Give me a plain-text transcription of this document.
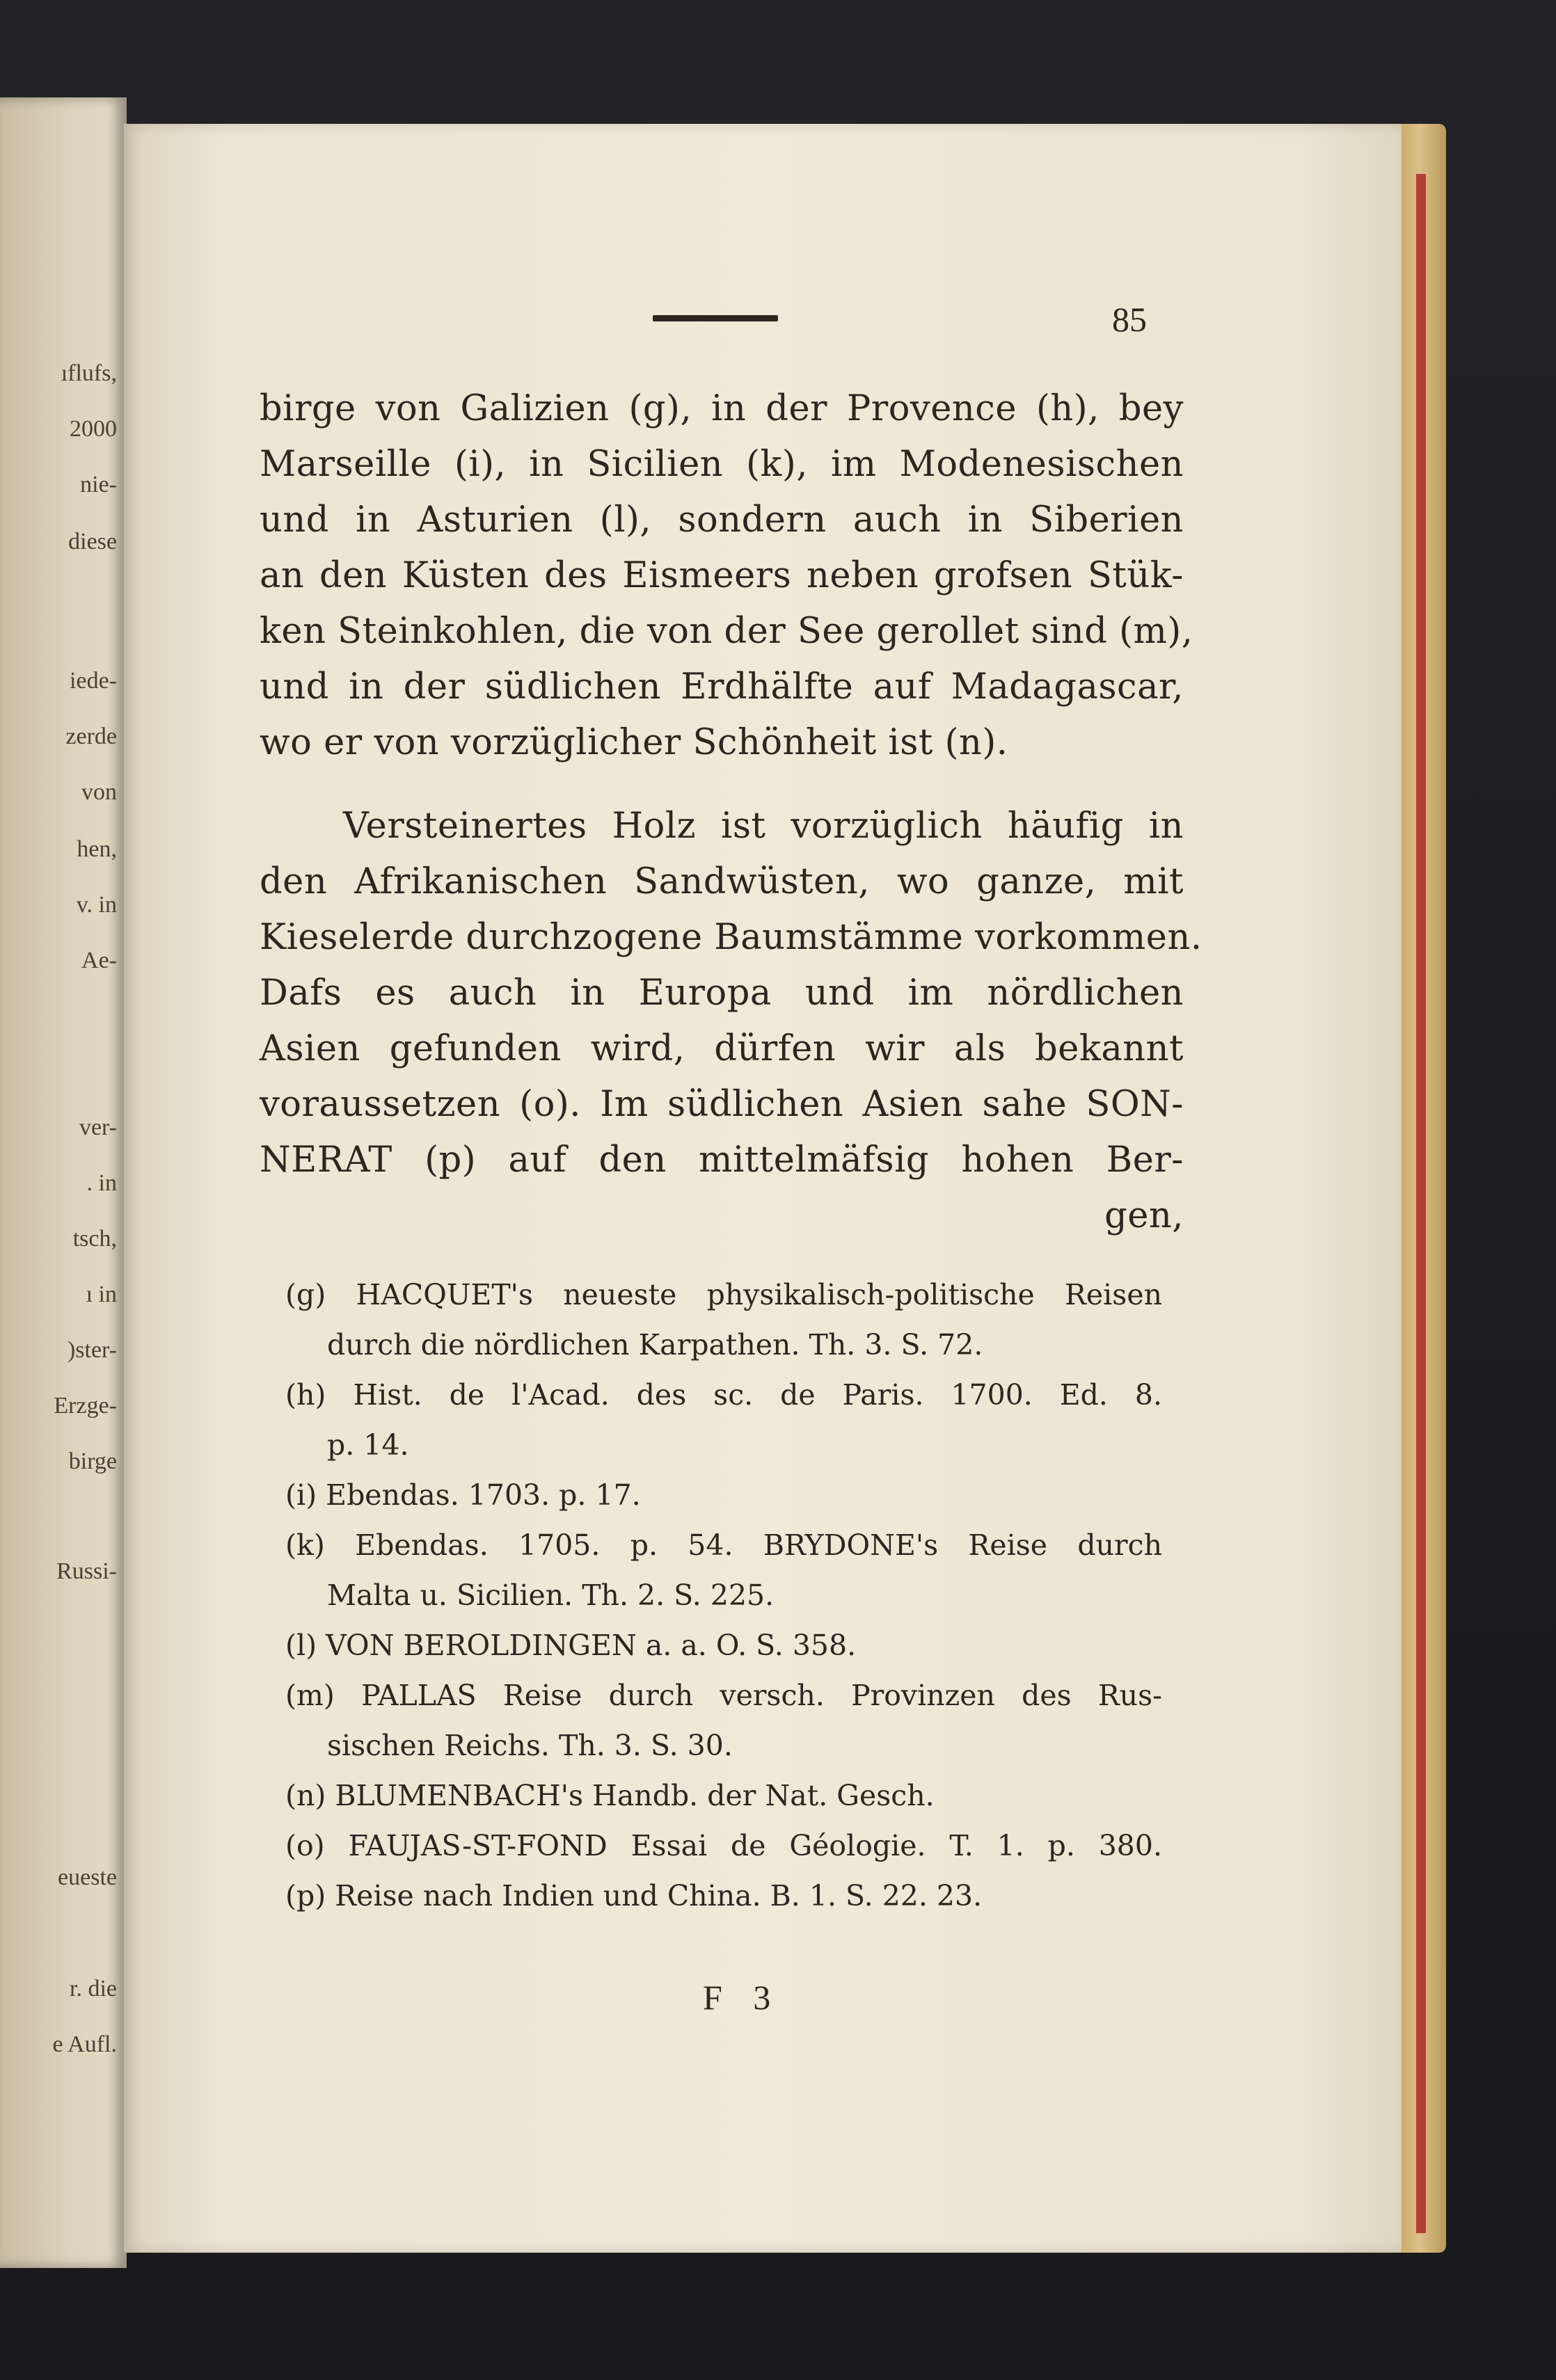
ıflufs,
2000
nie-
diese
iede-
zerde
von
hen,
v. in
Ae-
ver-
. in
tsch,
ı in
)ster-
Erzge-
birge
Russi-
eueste
r. die
e Aufl.
85
birge von Galizien (g), in der Provence (h), bey
Marseille (i), in Sicilien (k), im Modenesischen
und in Asturien (l), sondern auch in Siberien
an den Küsten des Eismeers neben grofsen Stük-
ken Steinkohlen, die von der See gerollet sind (m),
und in der südlichen Erdhälfte auf Madagascar,
wo er von vorzüglicher Schönheit ist (n).
Versteinertes Holz ist vorzüglich häufig in
den Afrikanischen Sandwüsten, wo ganze, mit
Kieselerde durchzogene Baumstämme vorkommen.
Dafs es auch in Europa und im nördlichen
Asien gefunden wird, dürfen wir als bekannt
voraussetzen (o). Im südlichen Asien sahe SON-
NERAT (p) auf den mittelmäfsig hohen Ber-
gen,
(g) HACQUET's neueste physikalisch-politische Reisen
durch die nördlichen Karpathen. Th. 3. S. 72.
(h) Hist. de l'Acad. des sc. de Paris. 1700. Ed. 8.
p. 14.
(i) Ebendas. 1703. p. 17.
(k) Ebendas. 1705. p. 54. BRYDONE's Reise durch
Malta u. Sicilien. Th. 2. S. 225.
(l) VON BEROLDINGEN a. a. O. S. 358.
(m) PALLAS Reise durch versch. Provinzen des Rus-
sischen Reichs. Th. 3. S. 30.
(n) BLUMENBACH's Handb. der Nat. Gesch.
(o) FAUJAS-ST-FOND Essai de Géologie. T. 1. p. 380.
(p) Reise nach Indien und China. B. 1. S. 22. 23.
F 3
